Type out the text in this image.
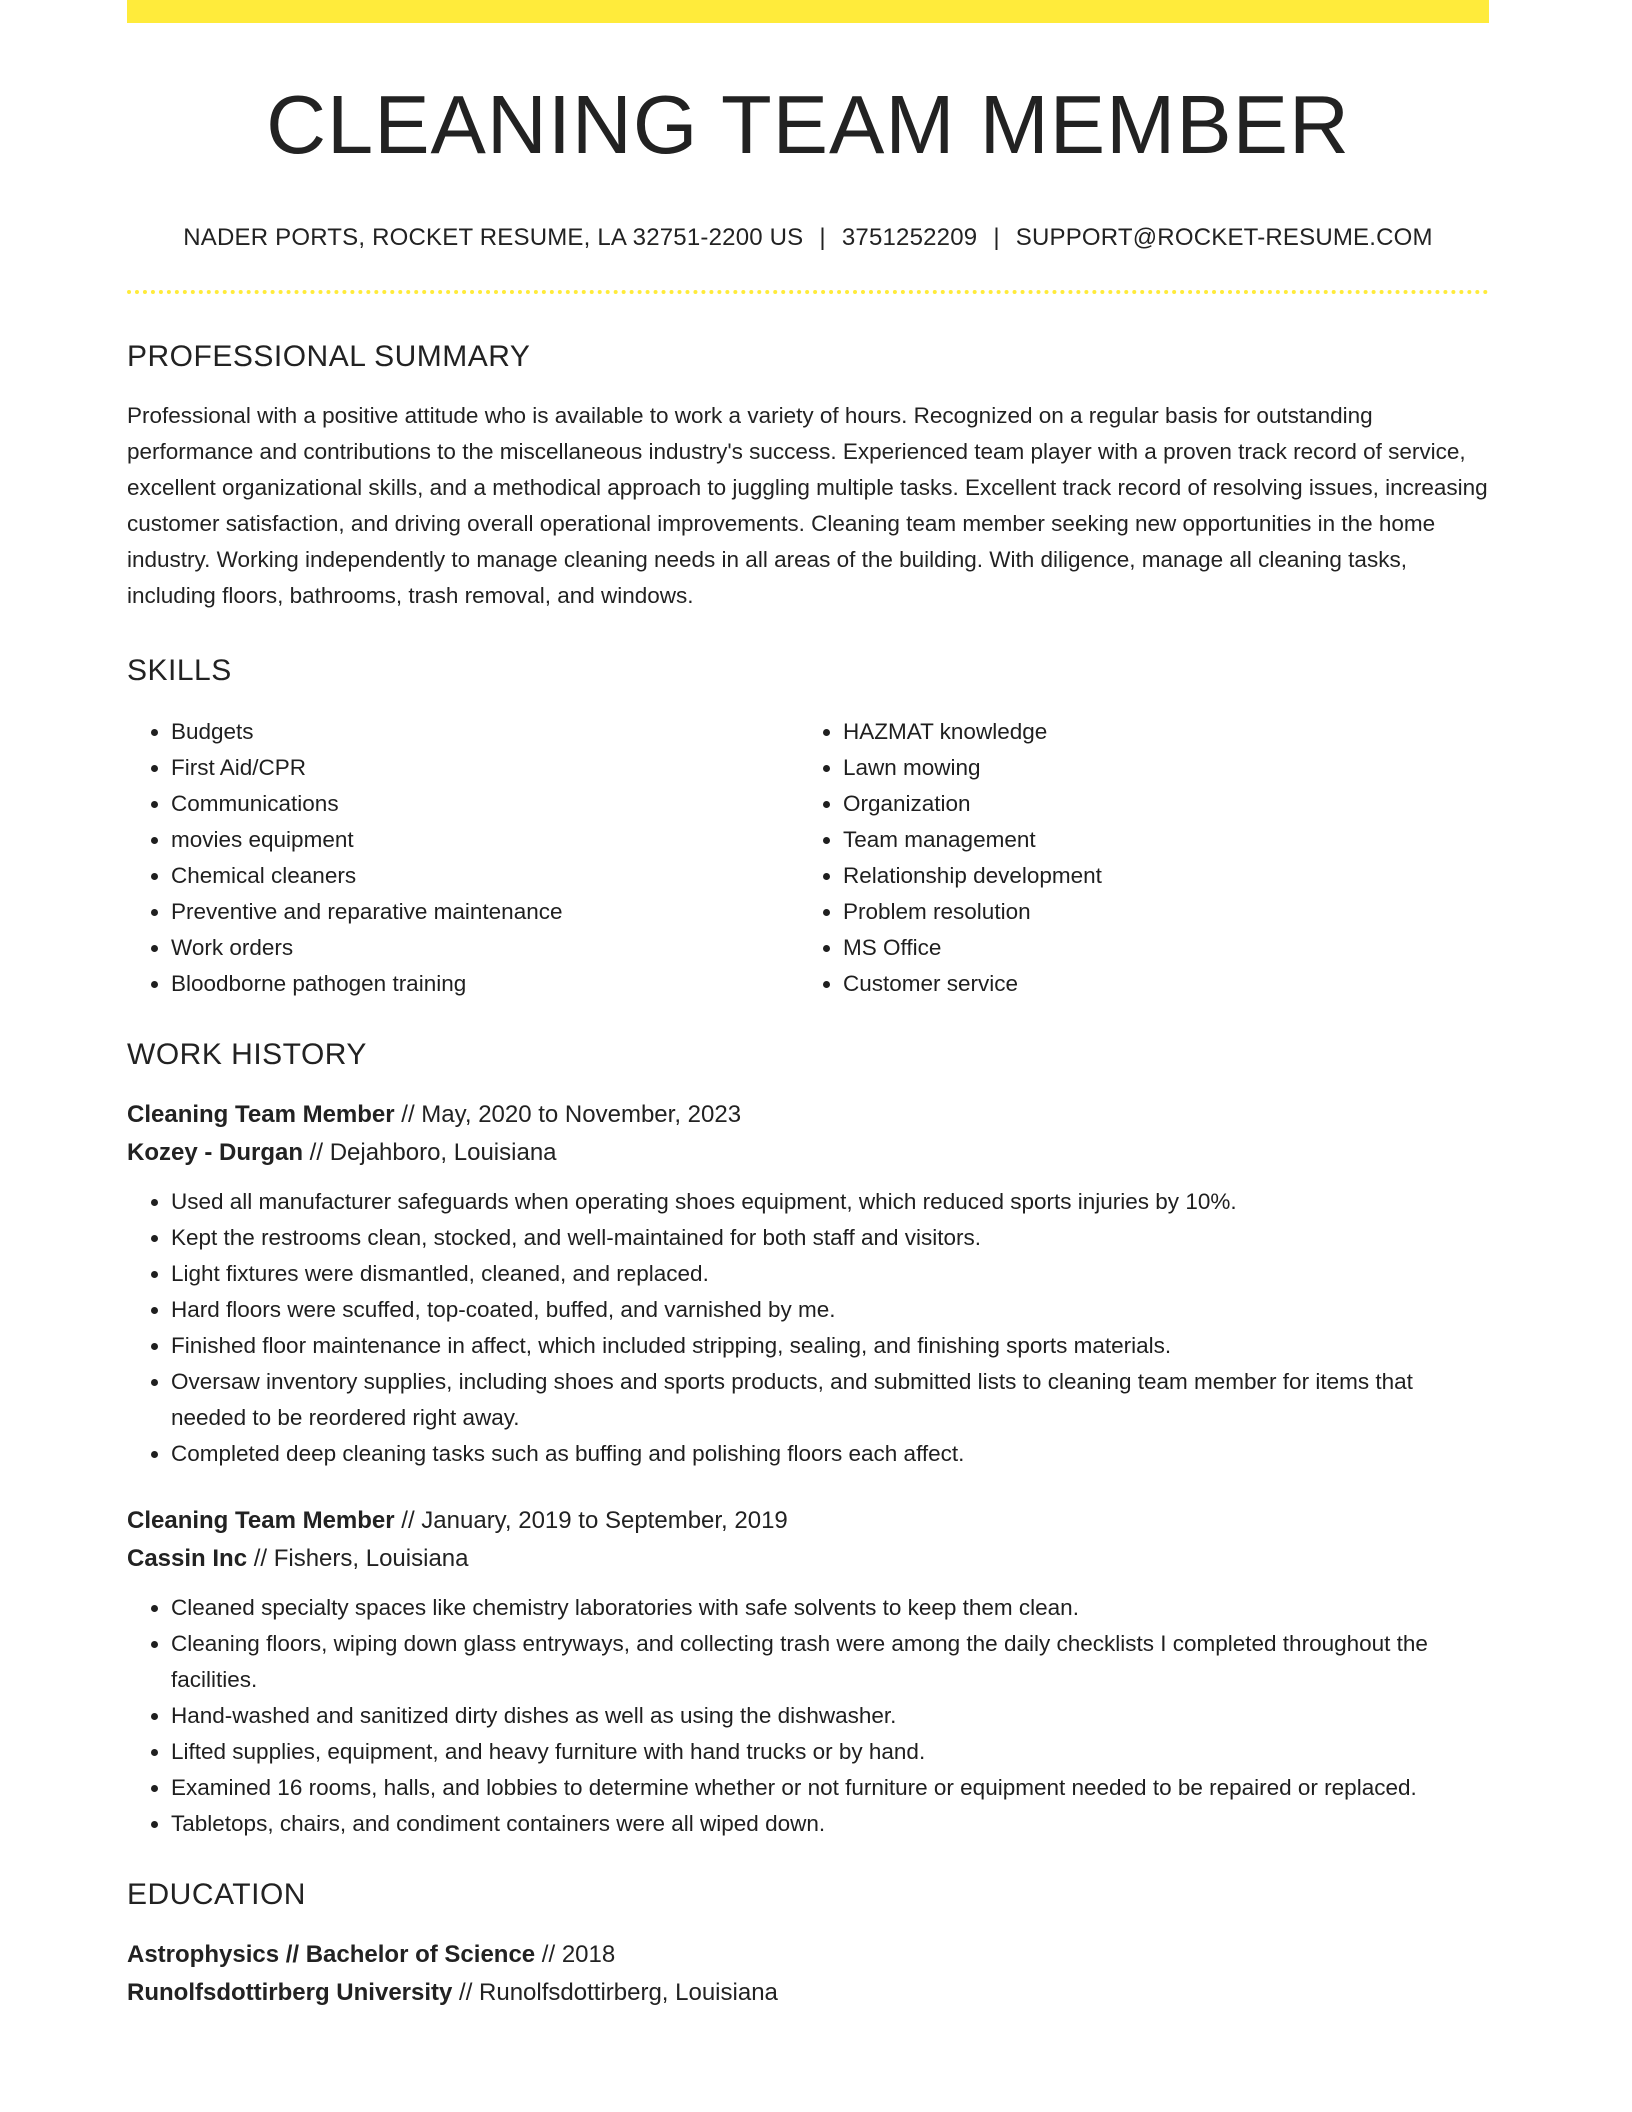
CLEANING TEAM MEMBER
NADER PORTS, ROCKET RESUME, LA 32751-2200 US | 3751252209 | SUPPORT@ROCKET-RESUME.COM
PROFESSIONAL SUMMARY
Professional with a positive attitude who is available to work a variety of hours. Recognized on a regular basis for outstanding performance and contributions to the miscellaneous industry's success. Experienced team player with a proven track record of service, excellent organizational skills, and a methodical approach to juggling multiple tasks. Excellent track record of resolving issues, increasing customer satisfaction, and driving overall operational improvements. Cleaning team member seeking new opportunities in the home industry. Working independently to manage cleaning needs in all areas of the building. With diligence, manage all cleaning tasks, including floors, bathrooms, trash removal, and windows.
SKILLS
• Budgets
• First Aid/CPR
• Communications
• movies equipment
• Chemical cleaners
• Preventive and reparative maintenance
• Work orders
• Bloodborne pathogen training
• HAZMAT knowledge
• Lawn mowing
• Organization
• Team management
• Relationship development
• Problem resolution
• MS Office
• Customer service
WORK HISTORY
Cleaning Team Member // May, 2020 to November, 2023
Kozey - Durgan // Dejahboro, Louisiana
• Used all manufacturer safeguards when operating shoes equipment, which reduced sports injuries by 10%.
• Kept the restrooms clean, stocked, and well-maintained for both staff and visitors.
• Light fixtures were dismantled, cleaned, and replaced.
• Hard floors were scuffed, top-coated, buffed, and varnished by me.
• Finished floor maintenance in affect, which included stripping, sealing, and finishing sports materials.
• Oversaw inventory supplies, including shoes and sports products, and submitted lists to cleaning team member for items that needed to be reordered right away.
• Completed deep cleaning tasks such as buffing and polishing floors each affect.
Cleaning Team Member // January, 2019 to September, 2019
Cassin Inc // Fishers, Louisiana
• Cleaned specialty spaces like chemistry laboratories with safe solvents to keep them clean.
• Cleaning floors, wiping down glass entryways, and collecting trash were among the daily checklists I completed throughout the facilities.
• Hand-washed and sanitized dirty dishes as well as using the dishwasher.
• Lifted supplies, equipment, and heavy furniture with hand trucks or by hand.
• Examined 16 rooms, halls, and lobbies to determine whether or not furniture or equipment needed to be repaired or replaced.
• Tabletops, chairs, and condiment containers were all wiped down.
EDUCATION
Astrophysics // Bachelor of Science // 2018
Runolfsdottirberg University // Runolfsdottirberg, Louisiana
